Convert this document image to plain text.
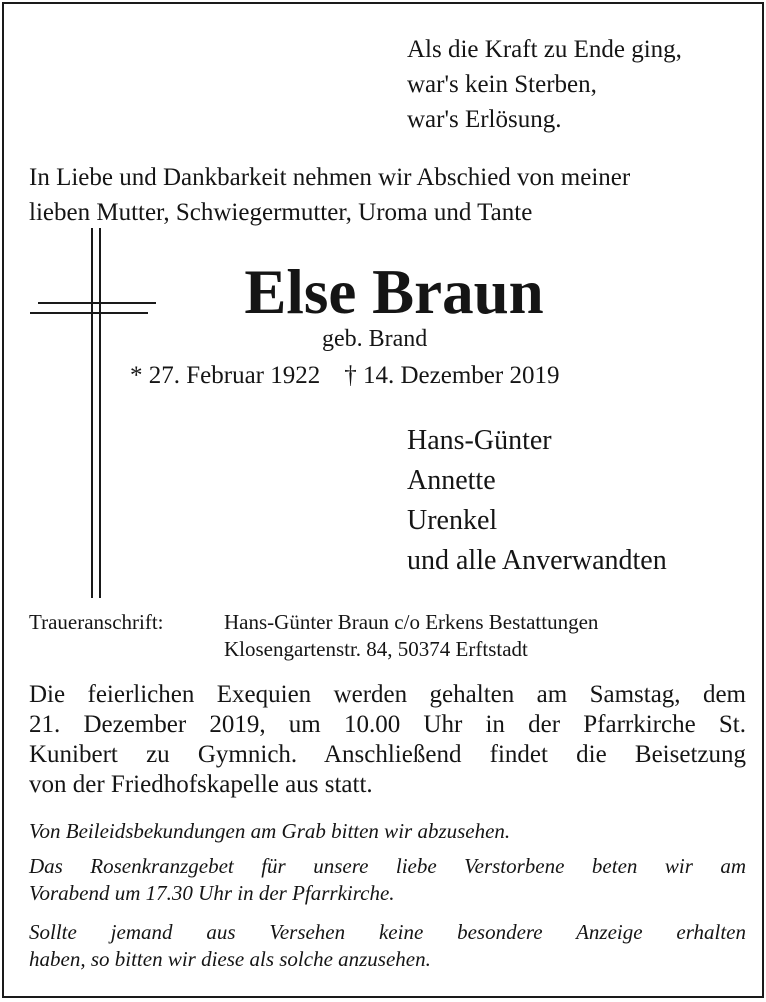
Als die Kraft zu Ende ging,
war's kein Sterben,
war's Erlösung.
In Liebe und Dankbarkeit nehmen wir Abschied von meiner
lieben Mutter, Schwiegermutter, Uroma und Tante
Else Braun
geb. Brand
* 27. Februar 1922 † 14. Dezember 2019
Hans-Günter
Annette
Urenkel
und alle Anverwandten
Traueranschrift:	Hans-Günter Braun c/o Erkens Bestattungen
Klosengartenstr. 84, 50374 Erftstadt
Die feierlichen Exequien werden gehalten am Samstag, dem
21. Dezember 2019, um 10.00 Uhr in der Pfarrkirche St.
Kunibert zu Gymnich. Anschließend findet die Beisetzung
von der Friedhofskapelle aus statt.
Von Beileidsbekundungen am Grab bitten wir abzusehen.
Das Rosenkranzgebet für unsere liebe Verstorbene beten wir am
Vorabend um 17.30 Uhr in der Pfarrkirche.
Sollte jemand aus Versehen keine besondere Anzeige erhalten
haben, so bitten wir diese als solche anzusehen.
